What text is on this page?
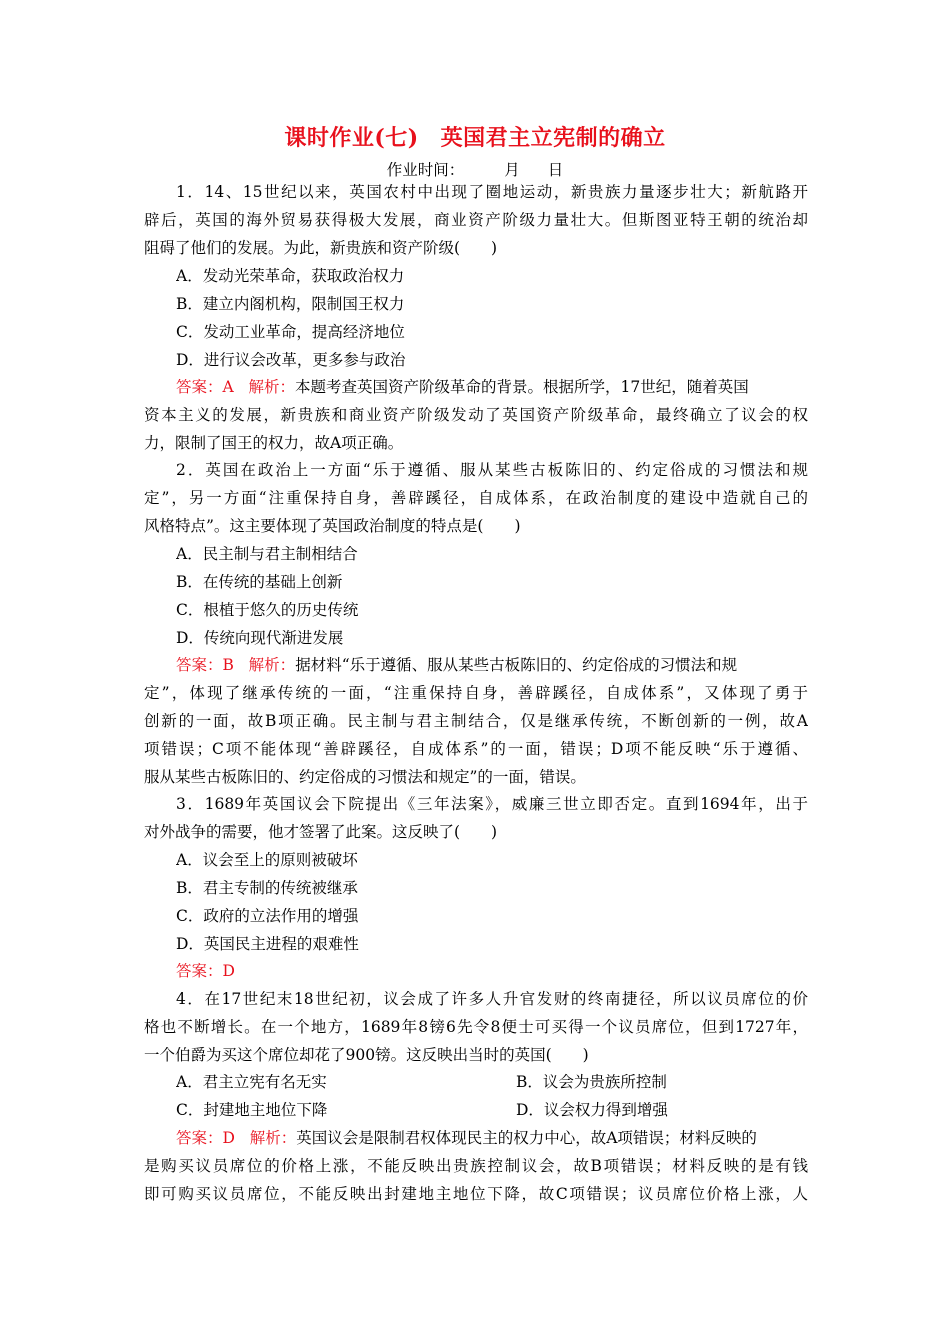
课时作业(七) 英国君主立宪制的确立
作业时间：	月 日
1．14、15世纪以来，英国农村中出现了圈地运动，新贵族力量逐步壮大；新航路开
辟后，英国的海外贸易获得极大发展，商业资产阶级力量壮大。但斯图亚特王朝的统治却
阻碍了他们的发展。为此，新贵族和资产阶级(　　)
A．发动光荣革命，获取政治权力
B．建立内阁机构，限制国王权力
C．发动工业革命，提高经济地位
D．进行议会改革，更多参与政治
答案：A 解析：本题考查英国资产阶级革命的背景。根据所学，17世纪，随着英国
资本主义的发展，新贵族和商业资产阶级发动了英国资产阶级革命，最终确立了议会的权
力，限制了国王的权力，故A项正确。
2．英国在政治上一方面“乐于遵循、服从某些古板陈旧的、约定俗成的习惯法和规
定”，另一方面“注重保持自身，善辟蹊径，自成体系，在政治制度的建设中造就自己的
风格特点”。这主要体现了英国政治制度的特点是(　　)
A．民主制与君主制相结合
B．在传统的基础上创新
C．根植于悠久的历史传统
D．传统向现代渐进发展
答案：B 解析：据材料“乐于遵循、服从某些古板陈旧的、约定俗成的习惯法和规
定”，体现了继承传统的一面，“注重保持自身，善辟蹊径，自成体系”，又体现了勇于
创新的一面，故B项正确。民主制与君主制结合，仅是继承传统，不断创新的一例，故A
项错误；C项不能体现“善辟蹊径，自成体系”的一面，错误；D项不能反映“乐于遵循、
服从某些古板陈旧的、约定俗成的习惯法和规定”的一面，错误。
3．1689年英国议会下院提出《三年法案》，威廉三世立即否定。直到1694年，出于
对外战争的需要，他才签署了此案。这反映了(　　)
A．议会至上的原则被破坏
B．君主专制的传统被继承
C．政府的立法作用的增强
D．英国民主进程的艰难性
答案：D
4．在17世纪末18世纪初，议会成了许多人升官发财的终南捷径，所以议员席位的价
格也不断增长。在一个地方，1689年8镑6先令8便士可买得一个议员席位，但到1727年，
一个伯爵为买这个席位却花了900镑。这反映出当时的英国(　　)
A．君主立宪有名无实	B．议会为贵族所控制
C．封建地主地位下降	D．议会权力得到增强
答案：D 解析：英国议会是限制君权体现民主的权力中心，故A项错误；材料反映的
是购买议员席位的价格上涨，不能反映出贵族控制议会，故B项错误；材料反映的是有钱
即可购买议员席位，不能反映出封建地主地位下降，故C项错误；议员席位价格上涨，人
